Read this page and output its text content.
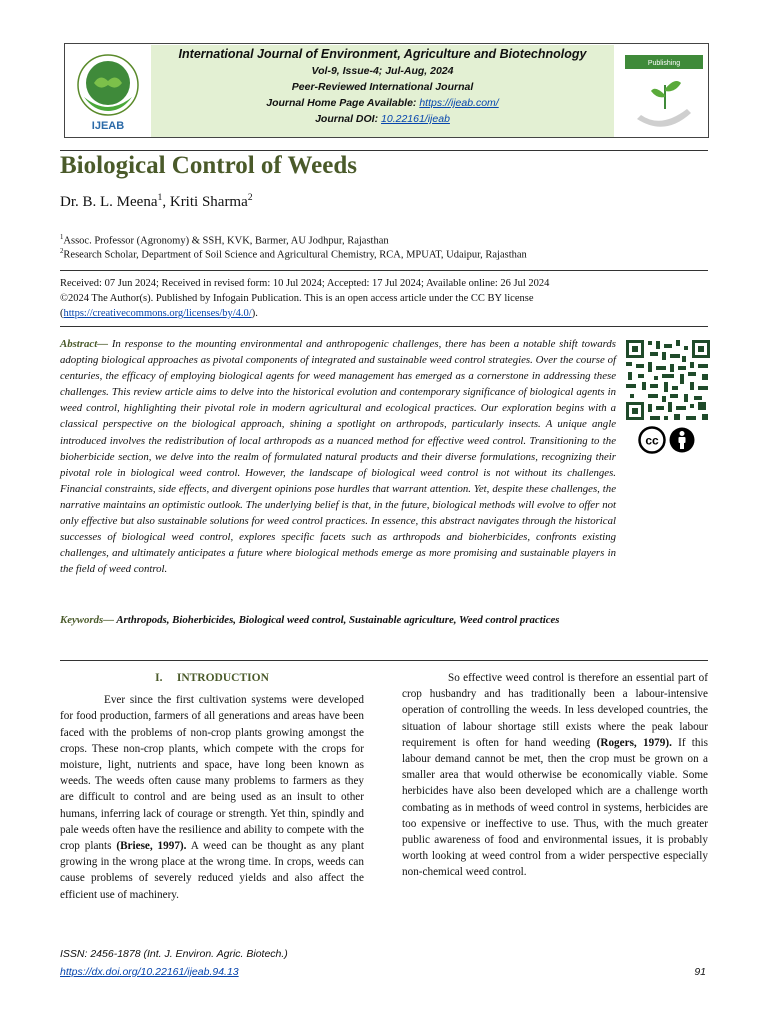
IJEAB
International Journal of Environment, Agriculture and Biotechnology
Vol-9, Issue-4; Jul-Aug, 2024
Peer-Reviewed International Journal
Journal Home Page Available: https://ijeab.com/
Journal DOI: 10.22161/ijeab
Publishing
Biological Control of Weeds
Dr. B. L. Meena$^1$, Kriti Sharma$^2$
$^1$Assoc. Professor (Agronomy) & SSH, KVK, Barmer, AU Jodhpur, Rajasthan
$^2$Research Scholar, Department of Soil Science and Agricultural Chemistry, RCA, MPUAT, Udaipur, Rajasthan
Received: 07 Jun 2024; Received in revised form: 10 Jul 2024; Accepted: 17 Jul 2024; Available online: 26 Jul 2024
©2024 The Author(s). Published by Infogain Publication. This is an open access article under the CC BY license
(https://creativecommons.org/licenses/by/4.0/).
Abstract— In response to the mounting environmental and anthropogenic challenges, there has been a notable shift towards adopting biological approaches as pivotal components of integrated and sustainable weed control strategies. Over the course of centuries, the efficacy of employing biological agents for weed management has emerged as a cornerstone in addressing these challenges. This review article aims to delve into the historical evolution and contemporary significance of biological agents in weed control, highlighting their pivotal role in modern agricultural and ecological practices. Our exploration begins with a classical perspective on the biological approach, shining a spotlight on arthropods, particularly insects. A unique angle introduced involves the redistribution of local arthropods as a nuanced method for effective weed control. Transitioning to the bioherbicide section, we delve into the realm of formulated natural products and their diverse formulations, recognizing their pivotal role in biological weed control. However, the landscape of biological weed control is not without its challenges. Financial constraints, side effects, and divergent opinions pose hurdles that warrant attention. Yet, despite these challenges, the narrative maintains an optimistic outlook. The underlying belief is that, in the future, biological methods will evolve to offer not only effective but also sustainable solutions for weed control practices. In essence, this abstract navigates through the historical successes of biological weed control, explores specific facets such as arthropods and bioherbicides, confronts existing challenges, and ultimately anticipates a future where biological methods emerge as more promising and sustainable players in the field of weed control.
Keywords— Arthropods, Bioherbicides, Biological weed control, Sustainable agriculture, Weed control practices
cc

I. INTRODUCTION

Ever since the first cultivation systems were developed for food production, farmers of all generations and areas have been faced with the problems of non-crop plants growing amongst the crops. These non-crop plants, which compete with the crops for moisture, light, nutrients and space, have long been known as weeds. The weeds often cause many problems to farmers as they are difficult to control and are being used as an insult to other humans, inferring lack of courage or strength. Yet thin, spindly and pale weeds often have the resilience and ability to compete with the crop plants (Briese, 1997). A weed can be thought as any plant growing in the wrong place at the wrong time. In crops, weeds can cause problems of severely reduced yields and also affect the efficient use of machinery.

So effective weed control is therefore an essential part of crop husbandry and has traditionally been a labour-intensive operation of controlling the weeds. In less developed countries, the situation of labour shortage still exists where the peak labour requirement is often for hand weeding (Rogers, 1979). If this labour demand cannot be met, then the crop must be grown on a smaller area that would otherwise be economically viable. Some herbicides have also been developed which are a challenge worth combating as in methods of weed control in systems, herbicides are too expensive or ineffective to use. Thus, with the much greater public awareness of food and environmental issues, it is probably worth looking at weed control from a wider perspective especially non-chemical weed control.

ISSN: 2456-1878 (Int. J. Environ. Agric. Biotech.)
https://dx.doi.org/10.22161/ijeab.94.13	91
